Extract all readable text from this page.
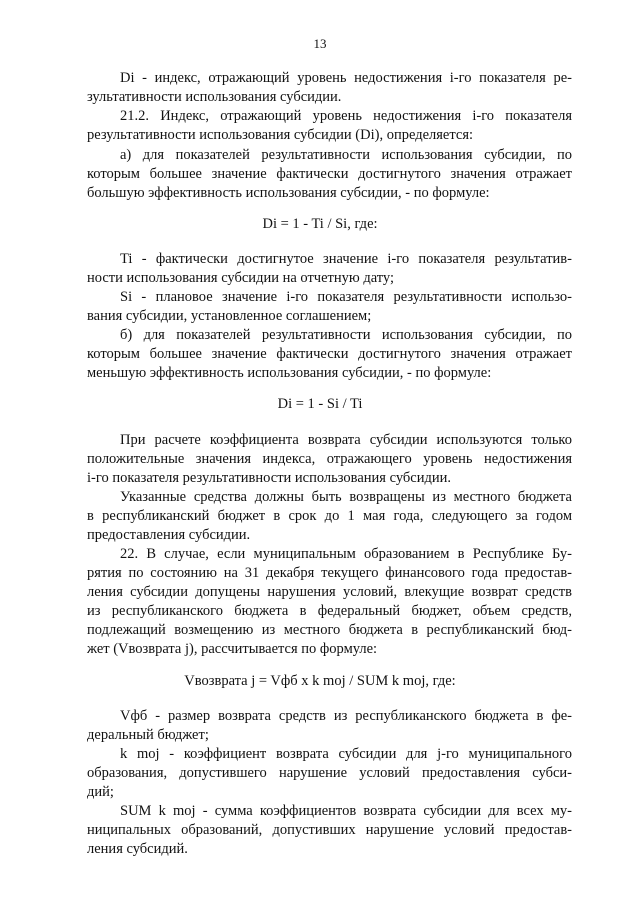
13
Di - индекс, отражающий уровень недостижения i-го показателя ре-
зультативности использования субсидии.
21.2. Индекс, отражающий уровень недостижения i-го показателя
результативности использования субсидии (Di), определяется:
а) для показателей результативности использования субсидии, по
которым большее значение фактически достигнутого значения отражает
большую эффективность использования субсидии, - по формуле:
Di = 1 - Ti / Si, где:
Ti - фактически достигнутое значение i-го показателя результатив-
ности использования субсидии на отчетную дату;
Si - плановое значение i-го показателя результативности использо-
вания субсидии, установленное соглашением;
б) для показателей результативности использования субсидии, по
которым большее значение фактически достигнутого значения отражает
меньшую эффективность использования субсидии, - по формуле:
Di = 1 - Si / Ti
При расчете коэффициента возврата субсидии используются только
положительные значения индекса, отражающего уровень недостижения
i-го показателя результативности использования субсидии.
Указанные средства должны быть возвращены из местного бюджета
в республиканский бюджет в срок до 1 мая года, следующего за годом
предоставления субсидии.
22. В случае, если муниципальным образованием в Республике Бу-
рятия по состоянию на 31 декабря текущего финансового года предостав-
ления субсидии допущены нарушения условий, влекущие возврат средств
из республиканского бюджета в федеральный бюджет, объем средств,
подлежащий возмещению из местного бюджета в республиканский бюд-
жет (Vвозврата j), рассчитывается по формуле:
Vвозврата j = Vфб x k moj / SUM k moj, где:
Vфб - размер возврата средств из республиканского бюджета в фе-
деральный бюджет;
k moj - коэффициент возврата субсидии для j-го муниципального
образования, допустившего нарушение условий предоставления субси-
дий;
SUM k moj - сумма коэффициентов возврата субсидии для всех му-
ниципальных образований, допустивших нарушение условий предостав-
ления субсидий.
